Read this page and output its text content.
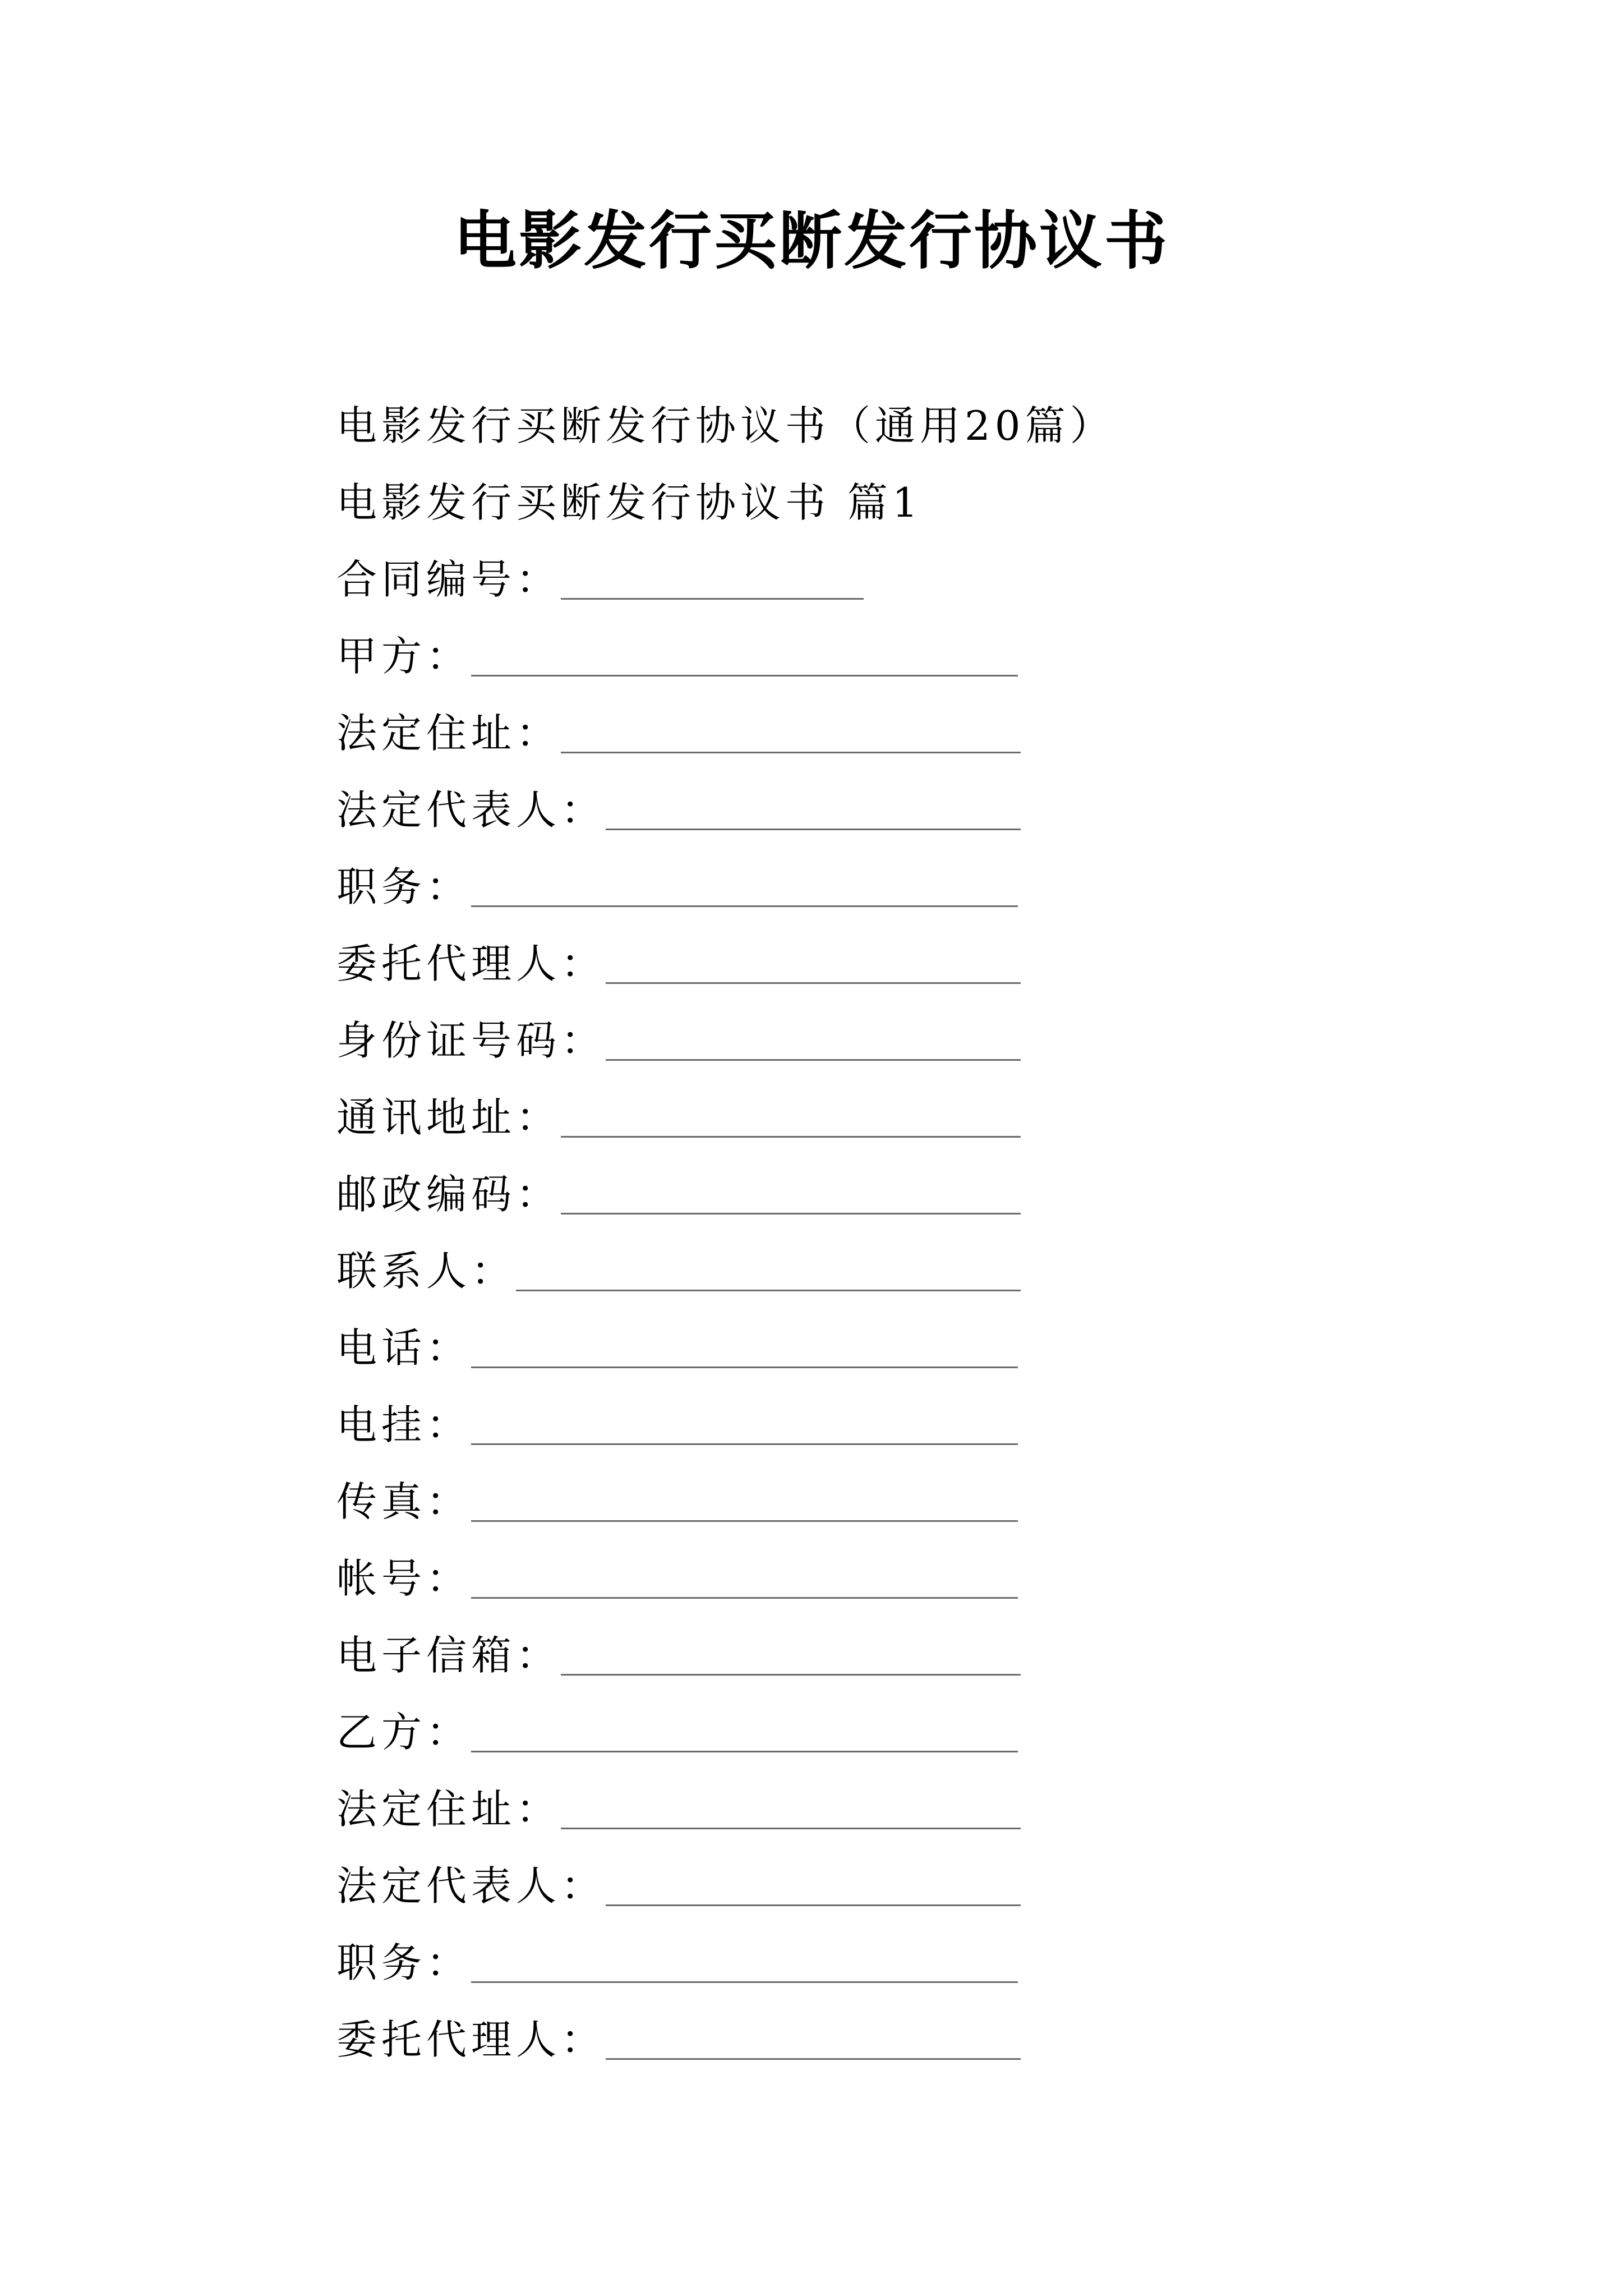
电影发行买断发行协议书
电影发行买断发行协议书（通用20篇）
电影发行买断发行协议书 篇1
合同编号：
甲方：
法定住址：
法定代表人：
职务：
委托代理人：
身份证号码：
通讯地址：
邮政编码：
联系人：
电话：
电挂：
传真：
帐号：
电子信箱：
乙方：
法定住址：
法定代表人：
职务：
委托代理人：
